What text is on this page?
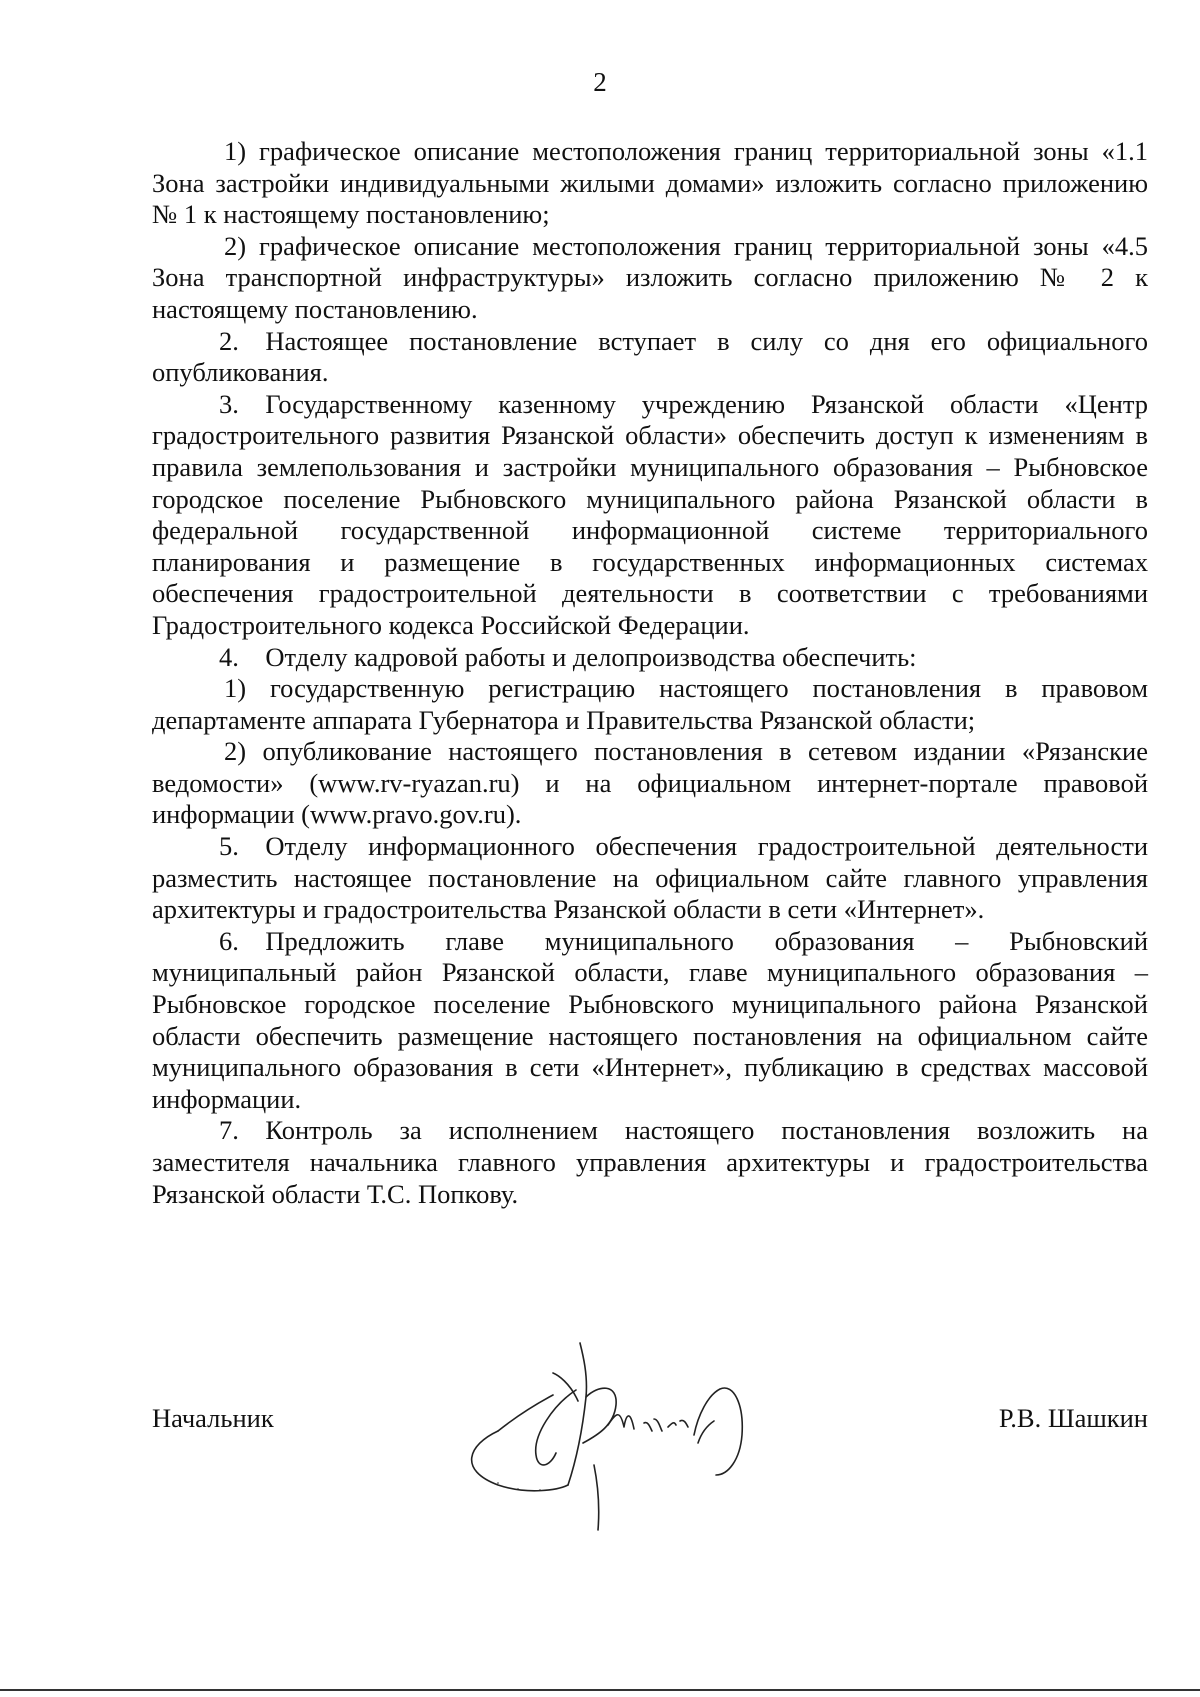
2

1) графическое описание местоположения границ территориальной зоны «1.1 Зона застройки индивидуальными жилыми домами» изложить согласно приложению № 1 к настоящему постановлению;

2) графическое описание местоположения границ территориальной зоны «4.5 Зона транспортной инфраструктуры» изложить согласно приложению № 2 к настоящему постановлению.

2. Настоящее постановление вступает в силу со дня его официального опубликования.

3. Государственному казенному учреждению Рязанской области «Центр градостроительного развития Рязанской области» обеспечить доступ к изменениям в правила землепользования и застройки муниципального образования – Рыбновское городское поселение Рыбновского муниципального района Рязанской области в федеральной государственной информационной системе территориального планирования и размещение в государственных информационных системах обеспечения градостроительной деятельности в соответствии с требованиями Градостроительного кодекса Российской Федерации.

4. Отделу кадровой работы и делопроизводства обеспечить:

1) государственную регистрацию настоящего постановления в правовом департаменте аппарата Губернатора и Правительства Рязанской области;

2) опубликование настоящего постановления в сетевом издании «Рязанские ведомости» (www.rv-ryazan.ru) и на официальном интернет-портале правовой информации (www.pravo.gov.ru).

5. Отделу информационного обеспечения градостроительной деятельности разместить настоящее постановление на официальном сайте главного управления архитектуры и градостроительства Рязанской области в сети «Интернет».

6. Предложить главе муниципального образования – Рыбновский муниципальный район Рязанской области, главе муниципального образования – Рыбновское городское поселение Рыбновского муниципального района Рязанской области обеспечить размещение настоящего постановления на официальном сайте муниципального образования в сети «Интернет», публикацию в средствах массовой информации.

7. Контроль за исполнением настоящего постановления возложить на заместителя начальника главного управления архитектуры и градостроительства Рязанской области Т.С. Попкову.

Начальник	Р.В. Шашкин
